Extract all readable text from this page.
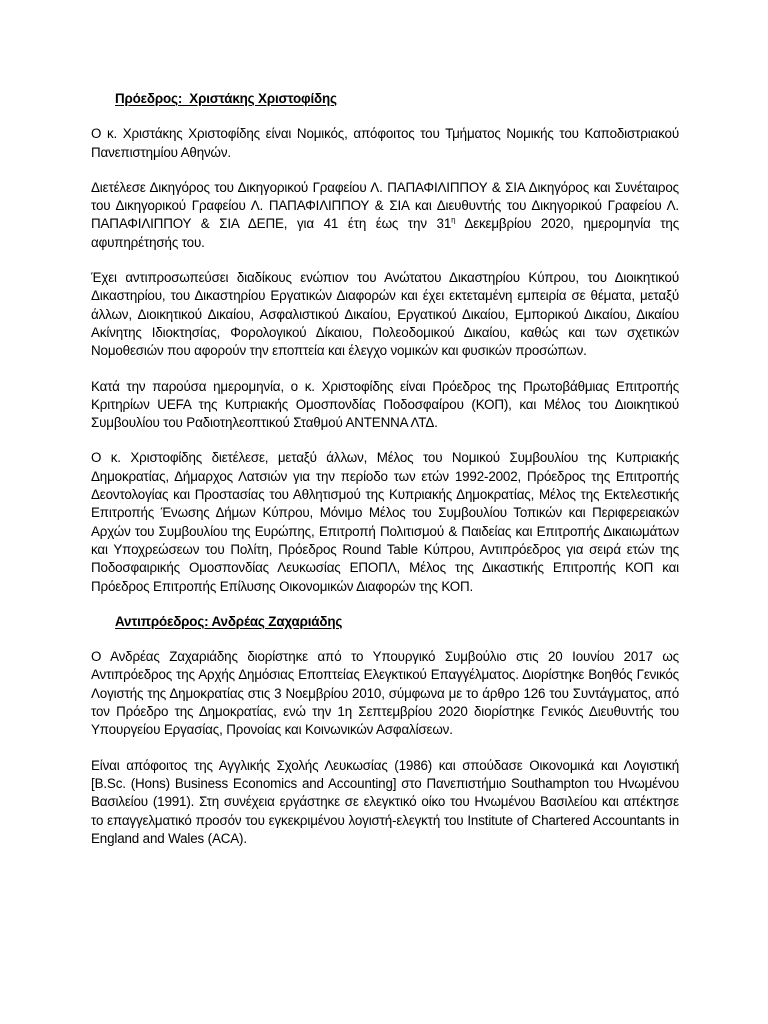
Πρόεδρος:  Χριστάκης Χριστοφίδης

Ο κ. Χριστάκης Χριστοφίδης είναι Νομικός, απόφοιτος του Τμήματος Νομικής του Καποδιστριακού Πανεπιστημίου Αθηνών.

Διετέλεσε Δικηγόρος του Δικηγορικού Γραφείου Λ. ΠΑΠΑΦΙΛΙΠΠΟΥ & ΣΙΑ Δικηγόρος και Συνέταιρος του Δικηγορικού Γραφείου Λ. ΠΑΠΑΦΙΛΙΠΠΟΥ & ΣΙΑ και Διευθυντής του Δικηγορικού Γραφείου Λ. ΠΑΠΑΦΙΛΙΠΠΟΥ & ΣΙΑ ΔΕΠΕ, για 41 έτη έως την $31^\eta$ Δεκεμβρίου 2020, ημερομηνία της αφυπηρέτησής του.

Έχει αντιπροσωπεύσει διαδίκους ενώπιον του Ανώτατου Δικαστηρίου Κύπρου, του Διοικητικού Δικαστηρίου, του Δικαστηρίου Εργατικών Διαφορών και έχει εκτεταμένη εμπειρία σε θέματα, μεταξύ άλλων, Διοικητικού Δικαίου, Ασφαλιστικού Δικαίου, Εργατικού Δικαίου, Εμπορικού Δικαίου, Δικαίου Ακίνητης Ιδιοκτησίας, Φορολογικού Δίκαιου, Πολεοδομικού Δικαίου, καθώς και των σχετικών Νομοθεσιών που αφορούν την εποπτεία και έλεγχο νομικών και φυσικών προσώπων.

Κατά την παρούσα ημερομηνία, ο κ. Χριστοφίδης είναι Πρόεδρος της Πρωτοβάθμιας Επιτροπής Κριτηρίων UEFA της Κυπριακής Ομοσπονδίας Ποδοσφαίρου (ΚΟΠ), και Μέλος του Διοικητικού Συμβουλίου του Ραδιοτηλεοπτικού Σταθμού ΑΝΤΕΝΝΑ ΛΤΔ.

Ο κ. Χριστοφίδης διετέλεσε, μεταξύ άλλων, Μέλος του Νομικού Συμβουλίου της Κυπριακής Δημοκρατίας, Δήμαρχος Λατσιών για την περίοδο των ετών 1992-2002, Πρόεδρος της Επιτροπής Δεοντολογίας και Προστασίας του Αθλητισμού της Κυπριακής Δημοκρατίας, Μέλος της Εκτελεστικής Επιτροπής Ένωσης Δήμων Κύπρου, Μόνιμο Μέλος του Συμβουλίου Τοπικών και Περιφερειακών Αρχών του Συμβουλίου της Ευρώπης, Επιτροπή Πολιτισμού & Παιδείας και Επιτροπής Δικαιωμάτων και Υποχρεώσεων του Πολίτη, Πρόεδρος Round Table Κύπρου, Αντιπρόεδρος για σειρά ετών της Ποδοσφαιρικής Ομοσπονδίας Λευκωσίας ΕΠΟΠΛ, Μέλος της Δικαστικής Επιτροπής ΚΟΠ και Πρόεδρος Επιτροπής Επίλυσης Οικονομικών Διαφορών της ΚΟΠ.

Αντιπρόεδρος: Ανδρέας Ζαχαριάδης

Ο Ανδρέας Ζαχαριάδης διορίστηκε από το Υπουργικό Συμβούλιο στις 20 Ιουνίου 2017 ως Αντιπρόεδρος της Αρχής Δημόσιας Εποπτείας Ελεγκτικού Επαγγέλματος. Διορίστηκε Βοηθός Γενικός Λογιστής της Δημοκρατίας στις 3 Νοεμβρίου 2010, σύμφωνα με το άρθρο 126 του Συντάγματος, από τον Πρόεδρο της Δημοκρατίας, ενώ την 1η Σεπτεμβρίου 2020 διορίστηκε Γενικός Διευθυντής του Υπουργείου Εργασίας, Προνοίας και Κοινωνικών Ασφαλίσεων.

Είναι απόφοιτος της Αγγλικής Σχολής Λευκωσίας (1986) και σπούδασε Οικονομικά και Λογιστική [B.Sc. (Hons) Business Economics and Accounting] στο Πανεπιστήμιο Southampton του Ηνωμένου Βασιλείου (1991). Στη συνέχεια εργάστηκε σε ελεγκτικό οίκο του Ηνωμένου Βασιλείου και απέκτησε το επαγγελματικό προσόν του εγκεκριμένου λογιστή-ελεγκτή του Institute of Chartered Accountants in England and Wales (ACA).
